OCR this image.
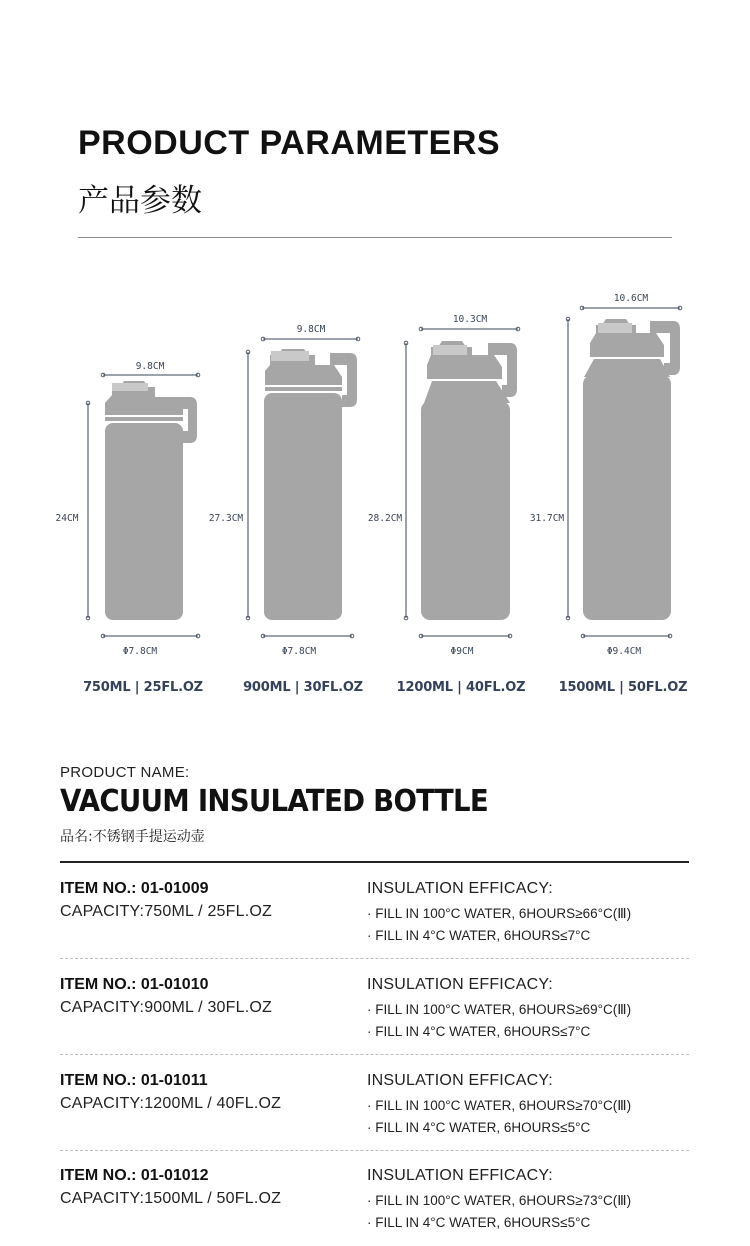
PRODUCT PARAMETERS
产品参数
9.8CM
24CM
Φ7.8CM
9.8CM
27.3CM
Φ7.8CM
10.3CM
28.2CM
Φ9CM
10.6CM
31.7CM
Φ9.4CM
750ML | 25FL.OZ	900ML | 30FL.OZ	1200ML | 40FL.OZ	1500ML | 50FL.OZ
PRODUCT NAME:
VACUUM INSULATED BOTTLE
品名:不锈钢手提运动壶
ITEM NO.: 01-01009
CAPACITY:750ML / 25FL.OZ
INSULATION EFFICACY:
· FILL IN 100°C WATER, 6HOURS≥66°C(Ⅲ)
· FILL IN 4°C WATER, 6HOURS≤7°C
ITEM NO.: 01-01010
CAPACITY:900ML / 30FL.OZ
INSULATION EFFICACY:
· FILL IN 100°C WATER, 6HOURS≥69°C(Ⅲ)
· FILL IN 4°C WATER, 6HOURS≤7°C
ITEM NO.: 01-01011
CAPACITY:1200ML / 40FL.OZ
INSULATION EFFICACY:
· FILL IN 100°C WATER, 6HOURS≥70°C(Ⅲ)
· FILL IN 4°C WATER, 6HOURS≤5°C
ITEM NO.: 01-01012
CAPACITY:1500ML / 50FL.OZ
INSULATION EFFICACY:
· FILL IN 100°C WATER, 6HOURS≥73°C(Ⅲ)
· FILL IN 4°C WATER, 6HOURS≤5°C
